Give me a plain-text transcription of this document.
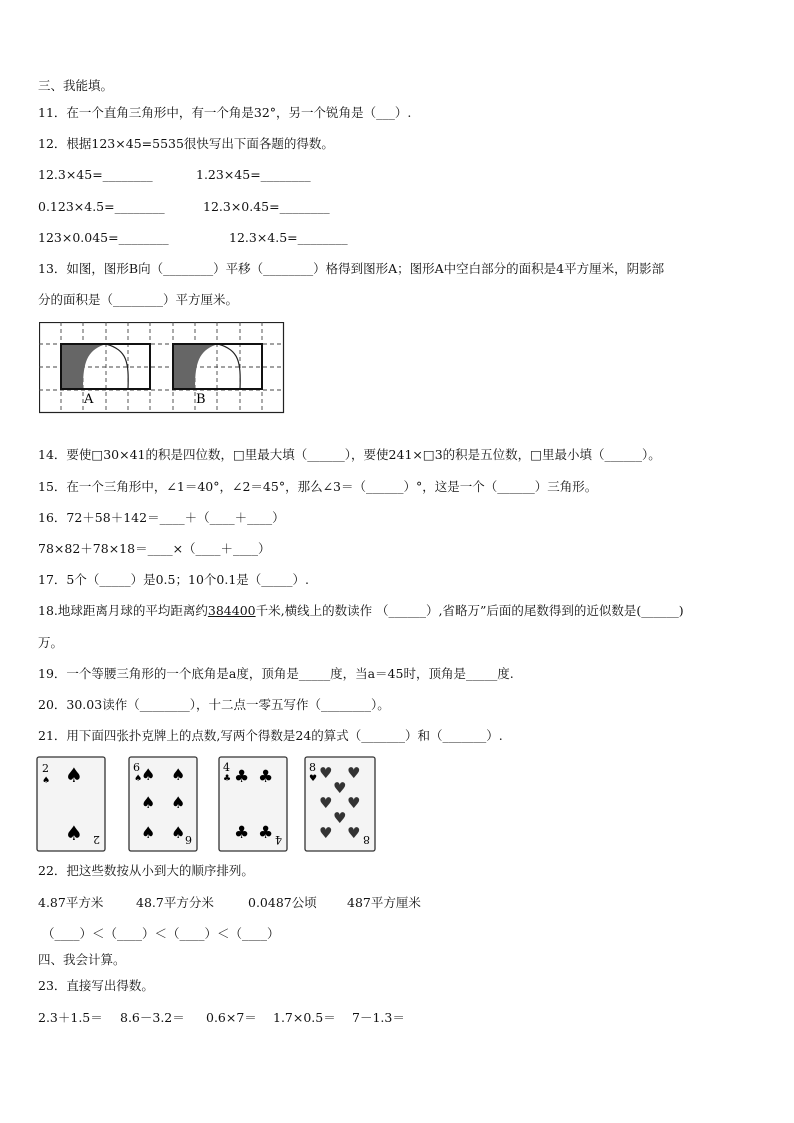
三、我能填。
11．在一个直角三角形中，有一个角是32°，另一个锐角是（___）.
12．根据123×45=5535很快写出下面各题的得数。
12.3×45=________	1.23×45=________
0.123×4.5=________	12.3×0.45=________
123×0.045=________	12.3×4.5=________
13．如图，图形B向（________）平移（________）格得到图形A；图形A中空白部分的面积是4平方厘米，阴影部
分的面积是（________）平方厘米。
A	B
14．要使□30×41的积是四位数，□里最大填（______），要使241×□3的积是五位数，□里最小填（______）。
15．在一个三角形中，∠1＝40°，∠2＝45°，那么∠3＝（______）°，这是一个（______）三角形。
16．72＋58＋142＝____＋（____＋____）
78×82＋78×18＝____×（____＋____）
17．5个（_____）是0.5；10个0.1是（_____）.
18.地球距离月球的平均距离约384400千米,横线上的数读作 （______）,省略万”后面的尾数得到的近似数是(______)
万。
19．一个等腰三角形的一个底角是a度，顶角是_____度，当a＝45时，顶角是_____度.
20．30.03读作（________），十二点一零五写作（________）。
21．用下面四张扑克牌上的点数,写两个得数是24的算式（_______）和（_______）.
2
♠ ♠
♠ 2
6
♠
♠ ♠
♠ ♠
♠ ♠ 6
4
♣ ♣ ♣
♣ ♣ 4
8
♥ ♥ ♥
♥
♥ ♥
♥
♥ ♥ 8
22．把这些数按从小到大的顺序排列。
4.87平方米	48.7平方分米	0.0487公顷 487平方厘米
（____）＜（____）＜（____）＜（____）
四、我会计算。
23．直接写出得数。
2.3＋1.5＝ 8.6－3.2＝ 0.6×7＝ 1.7×0.5＝ 7－1.3＝
